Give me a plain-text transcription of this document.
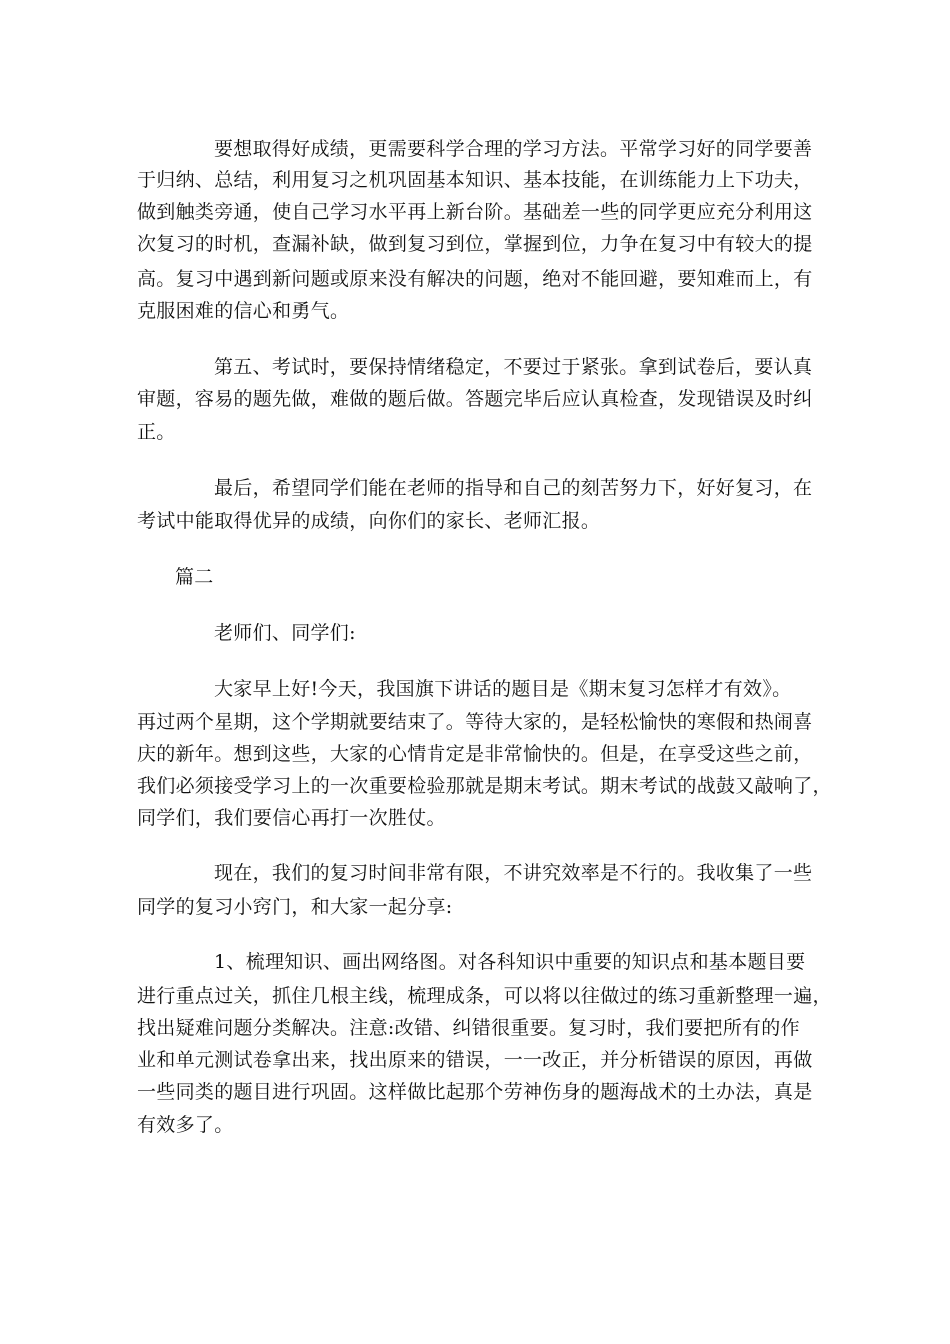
要想取得好成绩，更需要科学合理的学习方法。平常学习好的同学要善
于归纳、总结，利用复习之机巩固基本知识、基本技能，在训练能力上下功夫，
做到触类旁通，使自己学习水平再上新台阶。基础差一些的同学更应充分利用这
次复习的时机，查漏补缺，做到复习到位，掌握到位，力争在复习中有较大的提
高。复习中遇到新问题或原来没有解决的问题，绝对不能回避，要知难而上，有
克服困难的信心和勇气。
第五、考试时，要保持情绪稳定，不要过于紧张。拿到试卷后，要认真
审题，容易的题先做，难做的题后做。答题完毕后应认真检查，发现错误及时纠
正。
最后，希望同学们能在老师的指导和自己的刻苦努力下，好好复习，在
考试中能取得优异的成绩，向你们的家长、老师汇报。
篇二
老师们、同学们:
大家早上好!今天，我国旗下讲话的题目是《期末复习怎样才有效》。
再过两个星期，这个学期就要结束了。等待大家的，是轻松愉快的寒假和热闹喜
庆的新年。想到这些，大家的心情肯定是非常愉快的。但是，在享受这些之前，
我们必须接受学习上的一次重要检验那就是期末考试。期末考试的战鼓又敲响了，
同学们，我们要信心再打一次胜仗。
现在，我们的复习时间非常有限，不讲究效率是不行的。我收集了一些
同学的复习小窍门，和大家一起分享:
1、梳理知识、画出网络图。对各科知识中重要的知识点和基本题目要
进行重点过关，抓住几根主线，梳理成条，可以将以往做过的练习重新整理一遍，
找出疑难问题分类解决。注意:改错、纠错很重要。复习时，我们要把所有的作
业和单元测试卷拿出来，找出原来的错误，一一改正，并分析错误的原因，再做
一些同类的题目进行巩固。这样做比起那个劳神伤身的题海战术的土办法，真是
有效多了。
